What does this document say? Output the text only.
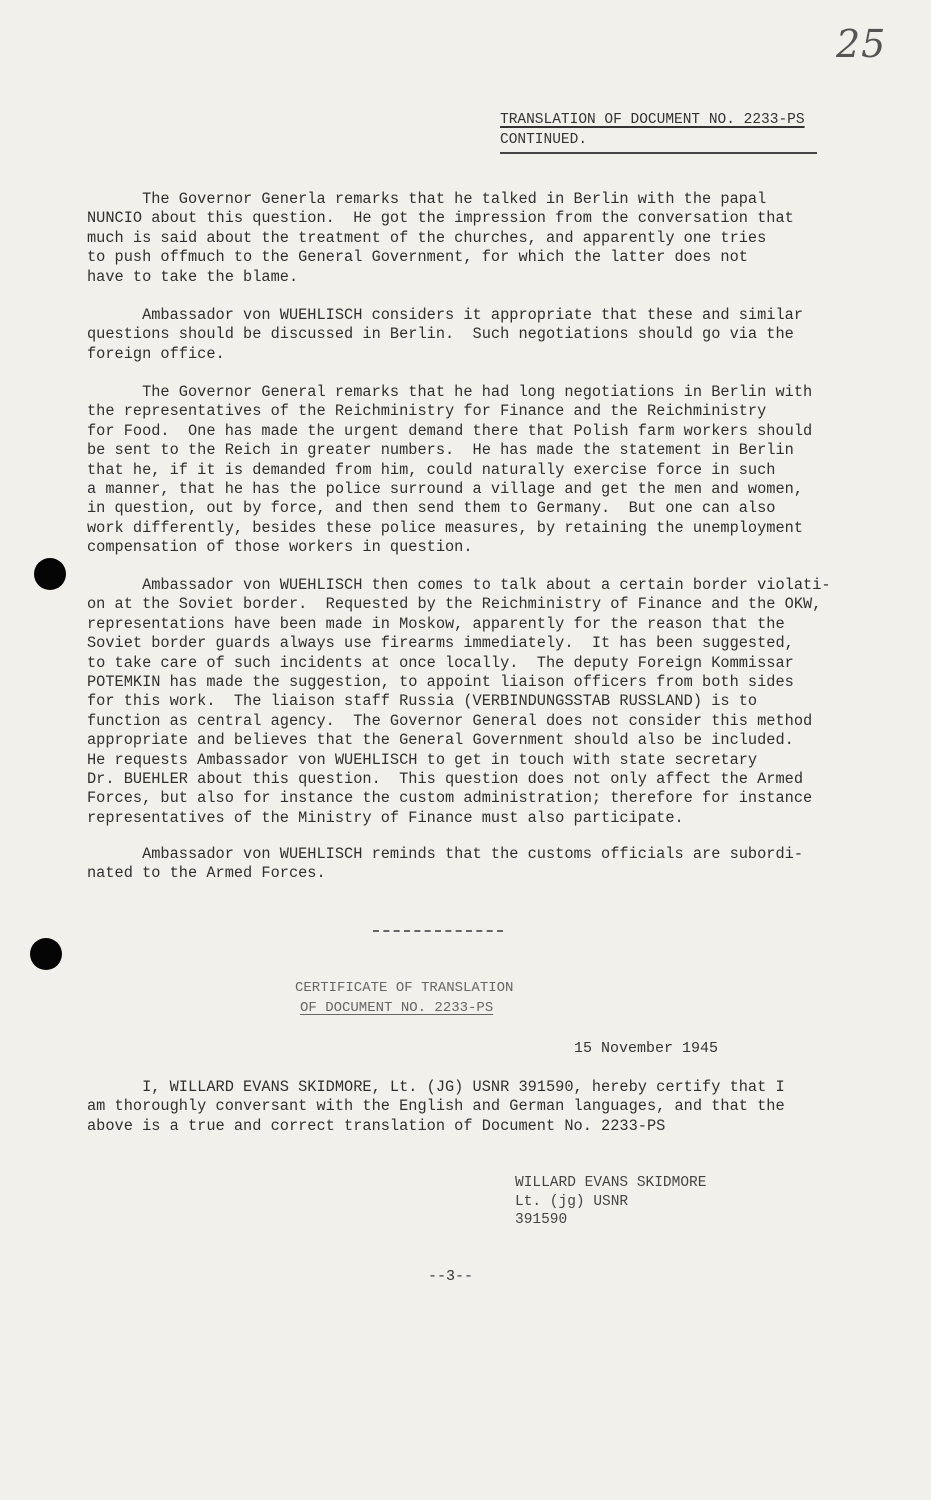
25
TRANSLATION OF DOCUMENT NO. 2233-PS
CONTINUED.

The Governor Generla remarks that he talked in Berlin with the papal
NUNCIO about this question.  He got the impression from the conversation that
much is said about the treatment of the churches, and apparently one tries
to push offmuch to the General Government, for which the latter does not
have to take the blame.

Ambassador von WUEHLISCH considers it appropriate that these and similar
questions should be discussed in Berlin.  Such negotiations should go via the
foreign office.

The Governor General remarks that he had long negotiations in Berlin with
the representatives of the Reichministry for Finance and the Reichministry
for Food.  One has made the urgent demand there that Polish farm workers should
be sent to the Reich in greater numbers.  He has made the statement in Berlin
that he, if it is demanded from him, could naturally exercise force in such
a manner, that he has the police surround a village and get the men and women,
in question, out by force, and then send them to Germany.  But one can also
work differently, besides these police measures, by retaining the unemployment
compensation of those workers in question.

Ambassador von WUEHLISCH then comes to talk about a certain border violati-
on at the Soviet border.  Requested by the Reichministry of Finance and the OKW,
representations have been made in Moskow, apparently for the reason that the
Soviet border guards always use firearms immediately.  It has been suggested,
to take care of such incidents at once locally.  The deputy Foreign Kommissar
POTEMKIN has made the suggestion, to appoint liaison officers from both sides
for this work.  The liaison staff Russia (VERBINDUNGSSTAB RUSSLAND) is to
function as central agency.  The Governor General does not consider this method
appropriate and believes that the General Government should also be included.
He requests Ambassador von WUEHLISCH to get in touch with state secretary
Dr. BUEHLER about this question.  This question does not only affect the Armed
Forces, but also for instance the custom administration; therefore for instance
representatives of the Ministry of Finance must also participate.

Ambassador von WUEHLISCH reminds that the customs officials are subordi-
nated to the Armed Forces.

CERTIFICATE OF TRANSLATION
OF DOCUMENT NO. 2233-PS
15 November 1945

I, WILLARD EVANS SKIDMORE, Lt. (JG) USNR 391590, hereby certify that I
am thoroughly conversant with the English and German languages, and that the
above is a true and correct translation of Document No. 2233-PS

WILLARD EVANS SKIDMORE
Lt. (jg) USNR
391590
--3--
